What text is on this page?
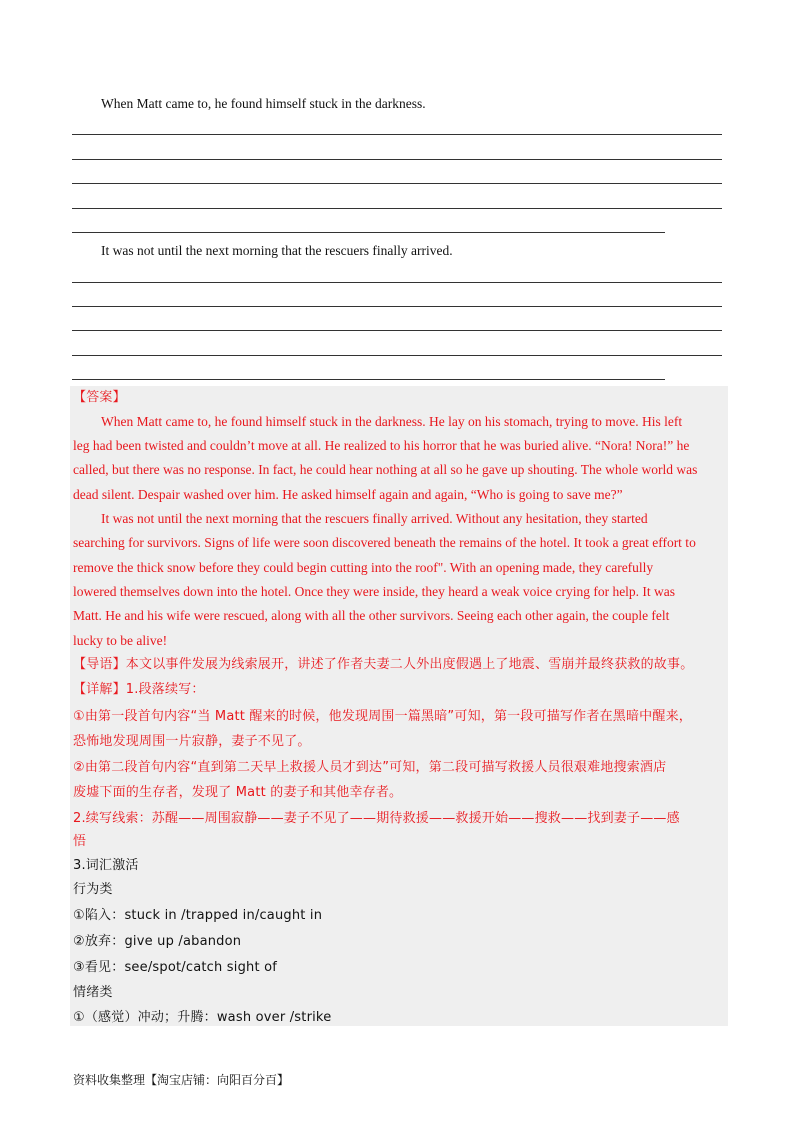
When Matt came to, he found himself stuck in the darkness.
It was not until the next morning that the rescuers finally arrived.
【答案】
When Matt came to, he found himself stuck in the darkness. He lay on his stomach, trying to move. His left
leg had been twisted and couldn’t move at all. He realized to his horror that he was buried alive. “Nora! Nora!” he
called, but there was no response. In fact, he could hear nothing at all so he gave up shouting. The whole world was
dead silent. Despair washed over him. He asked himself again and again, “Who is going to save me?”
It was not until the next morning that the rescuers finally arrived. Without any hesitation, they started
searching for survivors. Signs of life were soon discovered beneath the remains of the hotel. It took a great effort to
remove the thick snow before they could begin cutting into the roof". With an opening made, they carefully
lowered themselves down into the hotel. Once they were inside, they heard a weak voice crying for help. It was
Matt. He and his wife were rescued, along with all the other survivors. Seeing each other again, the couple felt
lucky to be alive!
【导语】本文以事件发展为线索展开，讲述了作者夫妻二人外出度假遇上了地震、雪崩并最终获救的故事。
【详解】1.段落续写：
①由第一段首句内容“当 Matt 醒来的时候，他发现周围一篇黑暗”可知，第一段可描写作者在黑暗中醒来，
恐怖地发现周围一片寂静，妻子不见了。
②由第二段首句内容“直到第二天早上救援人员才到达”可知，第二段可描写救援人员很艰难地搜索酒店
废墟下面的生存者，发现了 Matt 的妻子和其他幸存者。
2.续写线索：苏醒——周围寂静——妻子不见了——期待救援——救援开始——搜救——找到妻子——感
悟
3.词汇激活
行为类
①陷入：stuck in /trapped in/caught in
②放弃：give up /abandon
③看见：see/spot/catch sight of
情绪类
①（感觉）冲动；升腾：wash over /strike
资料收集整理【淘宝店铺：向阳百分百】
